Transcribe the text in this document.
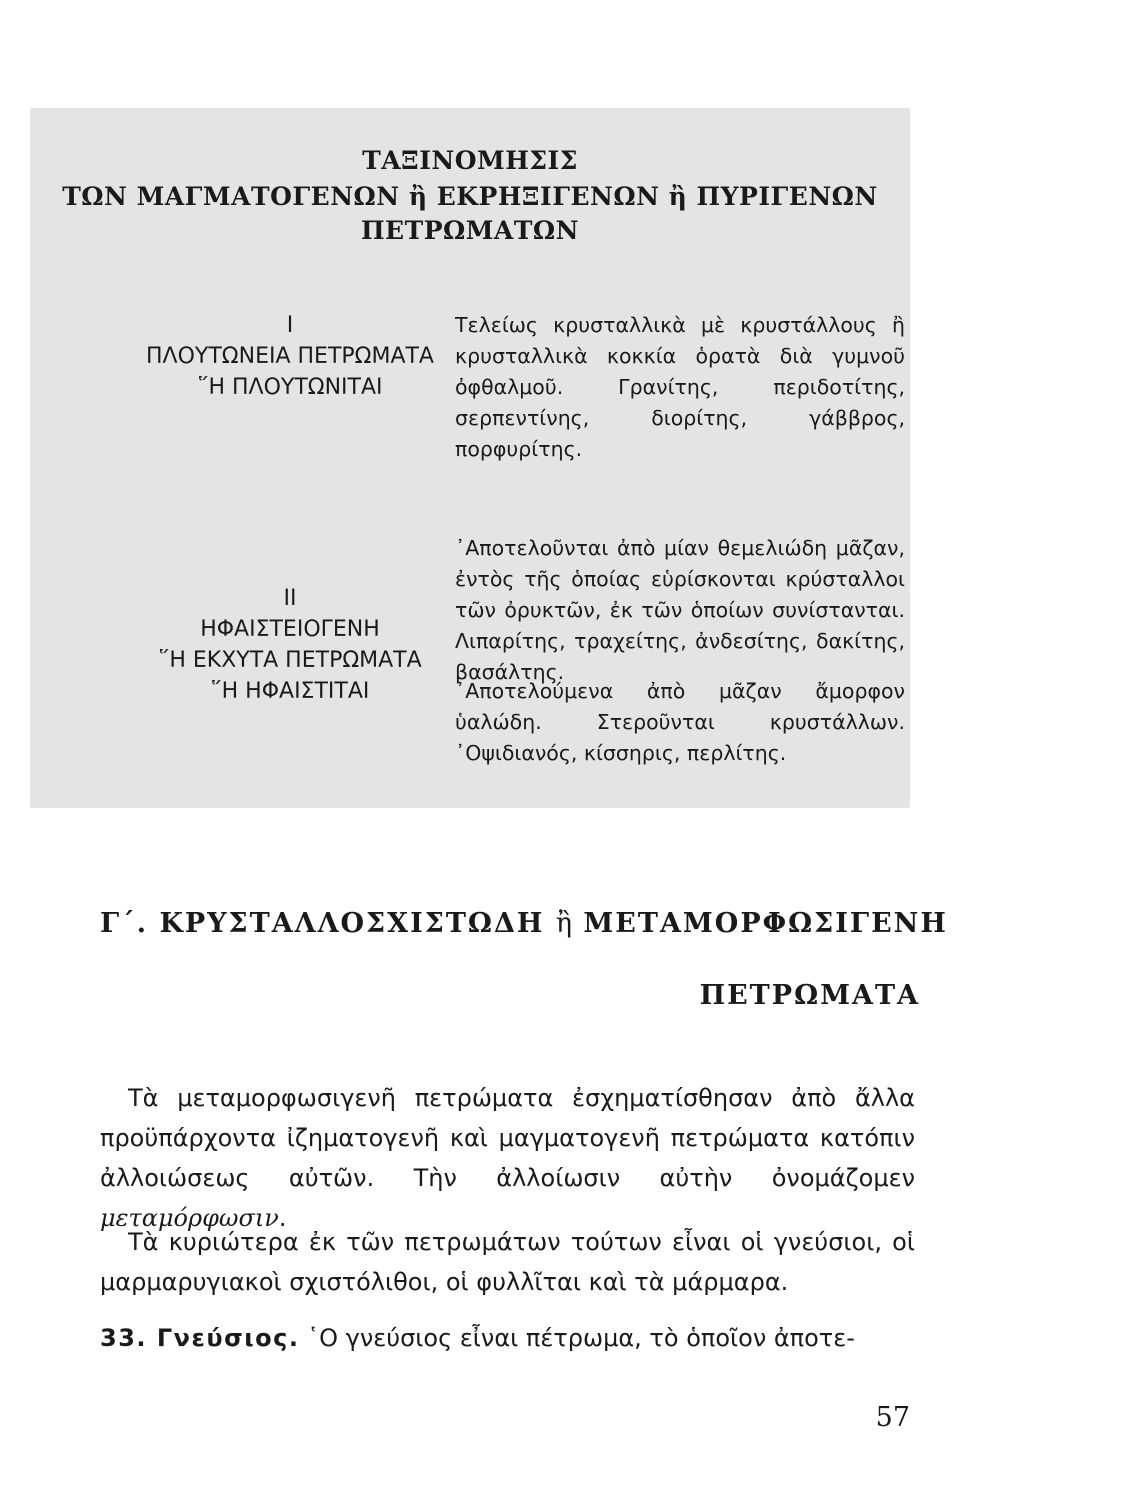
ΤΑΞΙΝΟΜΗΣΙΣ
ΤΩΝ ΜΑΓΜΑΤΟΓΕΝΩΝ ἢ ΕΚΡΗΞΙΓΕΝΩΝ ἢ ΠΥΡΙΓΕΝΩΝ
ΠΕΤΡΩΜΑΤΩΝ
I
ΠΛΟΥΤΩΝΕΙΑ ΠΕΤΡΩΜΑΤΑ
῞Η ΠΛΟΥΤΩΝΙΤΑΙ

Τελείως κρυσταλλικὰ μὲ κρυστάλλους ἢ κρυσταλλικὰ κοκκία ὁρατὰ διὰ γυμνοῦ ὀφθαλμοῦ. Γρανίτης, περιδοτίτης, σερπεντίνης, διορίτης, γάββρος, πορφυρίτης.

II
ΗΦΑΙΣΤΕΙΟΓΕΝΗ
῞Η ΕΚΧΥΤΑ ΠΕΤΡΩΜΑΤΑ
῞Η ΗΦΑΙΣΤΙΤΑΙ

᾿Αποτελοῦνται ἀπὸ μίαν θεμελιώδη μᾶζαν, ἐντὸς τῆς ὁποίας εὑρίσκονται κρύσταλλοι τῶν ὀρυκτῶν, ἐκ τῶν ὁποίων συνίστανται. Λιπαρίτης, τραχείτης, ἀνδεσίτης, δακίτης, βασάλτης.

᾿Αποτελούμενα ἀπὸ μᾶζαν ἄμορφον ὑαλώδη. Στεροῦνται κρυστάλλων. ᾿Οψιδιανός, κίσσηρις, περλίτης.

Γ΄. ΚΡΥΣΤΑΛΛΟΣΧΙΣΤΩΔΗ ἢ ΜΕΤΑΜΟΡΦΩΣΙΓΕΝΗ
ΠΕΤΡΩΜΑΤΑ

Τὰ μεταμορφωσιγενῆ πετρώματα ἐσχηματίσθησαν ἀπὸ ἄλλα προϋπάρχοντα ἰζηματογενῆ καὶ μαγματογενῆ πετρώματα κατόπιν ἀλλοιώσεως αὐτῶν. Τὴν ἀλλοίωσιν αὐτὴν ὀνομάζομεν μεταμόρφωσιν.

Τὰ κυριώτερα ἐκ τῶν πετρωμάτων τούτων εἶναι οἱ γνεύσιοι, οἱ μαρμαρυγιακοὶ σχιστόλιθοι, οἱ φυλλῖται καὶ τὰ μάρμαρα.

33. Γνεύσιος. ῾Ο γνεύσιος εἶναι πέτρωμα, τὸ ὁποῖον ἀποτε-

57
